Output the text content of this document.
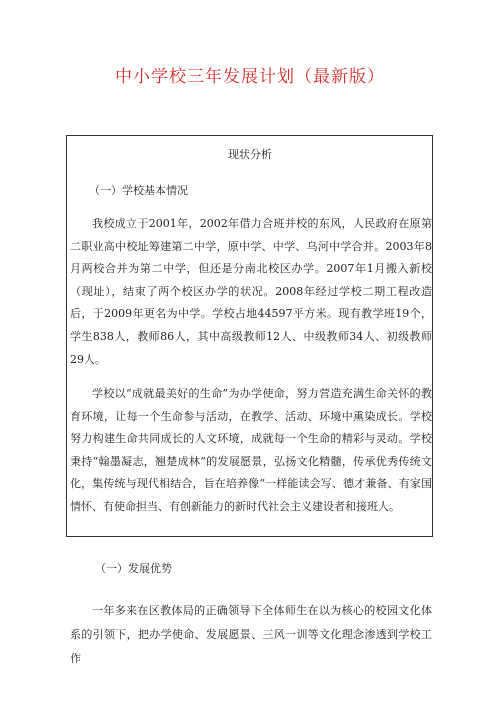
中小学校三年发展计划（最新版）
现状分析
（一）学校基本情况

我校成立于2001年，2002年借力合班并校的东风，人民政府在原第二职业高中校址筹建第二中学，原中学、中学、乌河中学合并。2003年8月两校合并为第二中学，但还是分南北校区办学。2007年1月搬入新校（现址），结束了两个校区办学的状况。2008年经过学校二期工程改造后，于2009年更名为中学。学校占地44597平方米。现有教学班19个，学生838人，教师86人，其中高级教师12人、中级教师34人、初级教师29人。

学校以“成就最美好的生命”为办学使命，努力营造充满生命关怀的教育环境，让每一个生命参与活动，在教学、活动、环境中熏染成长。学校努力构建生命共同成长的人文环境，成就每一个生命的精彩与灵动。学校秉持“翰墨凝志，翘楚成林”的发展愿景，弘扬文化精髓，传承优秀传统文化，集传统与现代相结合，旨在培养像“一样能读会写、德才兼备、有家国情怀、有使命担当、有创新能力的新时代社会主义建设者和接班人。

（一）发展优势

一年多来在区教体局的正确领导下全体师生在以为核心的校园文化体系的引领下，把办学使命、发展愿景、三风一训等文化理念渗透到学校工作
